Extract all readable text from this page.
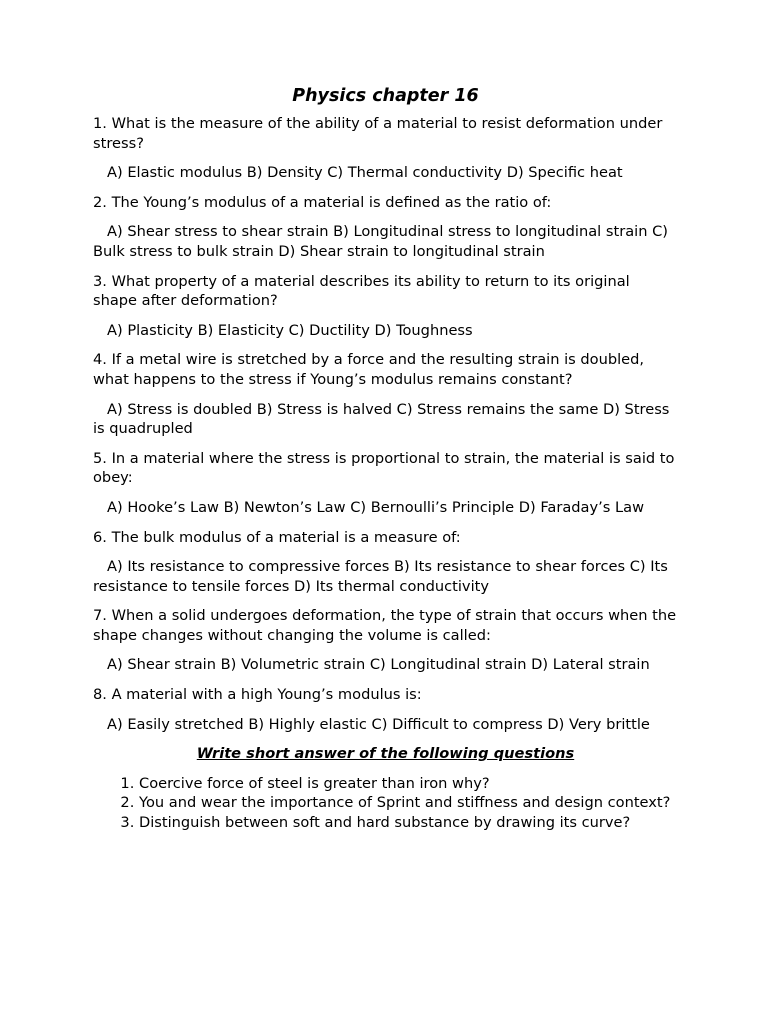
Physics chapter 16
1. What is the measure of the ability of a material to resist deformation under stress?
A) Elastic modulus B) Density C) Thermal conductivity D) Specific heat
2. The Young’s modulus of a material is defined as the ratio of:
A) Shear stress to shear strain B) Longitudinal stress to longitudinal strain C) Bulk stress to bulk strain D) Shear strain to longitudinal strain
3. What property of a material describes its ability to return to its original shape after deformation?
A) Plasticity B) Elasticity C) Ductility D) Toughness
4. If a metal wire is stretched by a force and the resulting strain is doubled, what happens to the stress if Young’s modulus remains constant?
A) Stress is doubled B) Stress is halved C) Stress remains the same D) Stress is quadrupled
5. In a material where the stress is proportional to strain, the material is said to obey:
A) Hooke’s Law B) Newton’s Law C) Bernoulli’s Principle D) Faraday’s Law
6. The bulk modulus of a material is a measure of:
A) Its resistance to compressive forces B) Its resistance to shear forces C) Its resistance to tensile forces D) Its thermal conductivity
7. When a solid undergoes deformation, the type of strain that occurs when the shape changes without changing the volume is called:
A) Shear strain B) Volumetric strain C) Longitudinal strain D) Lateral strain
8. A material with a high Young’s modulus is:
A) Easily stretched B) Highly elastic C) Difficult to compress D) Very brittle
Write short answer of the following questions
1. Coercive force of steel is greater than iron why?
2. You and wear the importance of Sprint and stiffness and design context?
3. Distinguish between soft and hard substance by drawing its curve?
